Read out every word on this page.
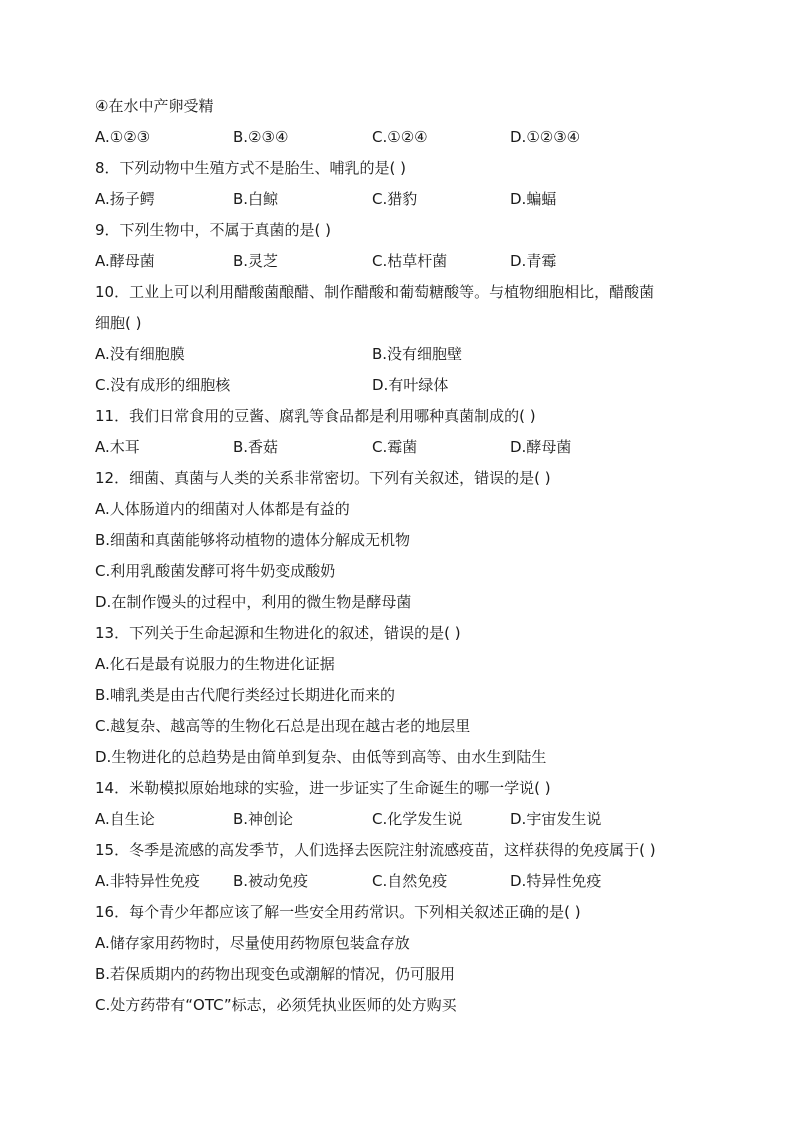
④在水中产卵受精
A.①②③	B.②③④	C.①②④	D.①②③④
8．下列动物中生殖方式不是胎生、哺乳的是( )
A.扬子鳄	B.白鲸	C.猎豹	D.蝙蝠
9．下列生物中，不属于真菌的是( )
A.酵母菌	B.灵芝	C.枯草杆菌	D.青霉
10．工业上可以利用醋酸菌酿醋、制作醋酸和葡萄糖酸等。与植物细胞相比，醋酸菌
细胞( )
A.没有细胞膜	B.没有细胞壁
C.没有成形的细胞核	D.有叶绿体
11．我们日常食用的豆酱、腐乳等食品都是利用哪种真菌制成的( )
A.木耳	B.香菇	C.霉菌	D.酵母菌
12．细菌、真菌与人类的关系非常密切。下列有关叙述，错误的是( )
A.人体肠道内的细菌对人体都是有益的
B.细菌和真菌能够将动植物的遗体分解成无机物
C.利用乳酸菌发酵可将牛奶变成酸奶
D.在制作馒头的过程中，利用的微生物是酵母菌
13．下列关于生命起源和生物进化的叙述，错误的是( )
A.化石是最有说服力的生物进化证据
B.哺乳类是由古代爬行类经过长期进化而来的
C.越复杂、越高等的生物化石总是出现在越古老的地层里
D.生物进化的总趋势是由简单到复杂、由低等到高等、由水生到陆生
14．米勒模拟原始地球的实验，进一步证实了生命诞生的哪一学说( )
A.自生论	B.神创论	C.化学发生说	D.宇宙发生说
15．冬季是流感的高发季节，人们选择去医院注射流感疫苗，这样获得的免疫属于( )
A.非特异性免疫 B.被动免疫	C.自然免疫	D.特异性免疫
16．每个青少年都应该了解一些安全用药常识。下列相关叙述正确的是( )
A.储存家用药物时，尽量使用药物原包装盒存放
B.若保质期内的药物出现变色或潮解的情况，仍可服用
C.处方药带有“OTC”标志，必须凭执业医师的处方购买
